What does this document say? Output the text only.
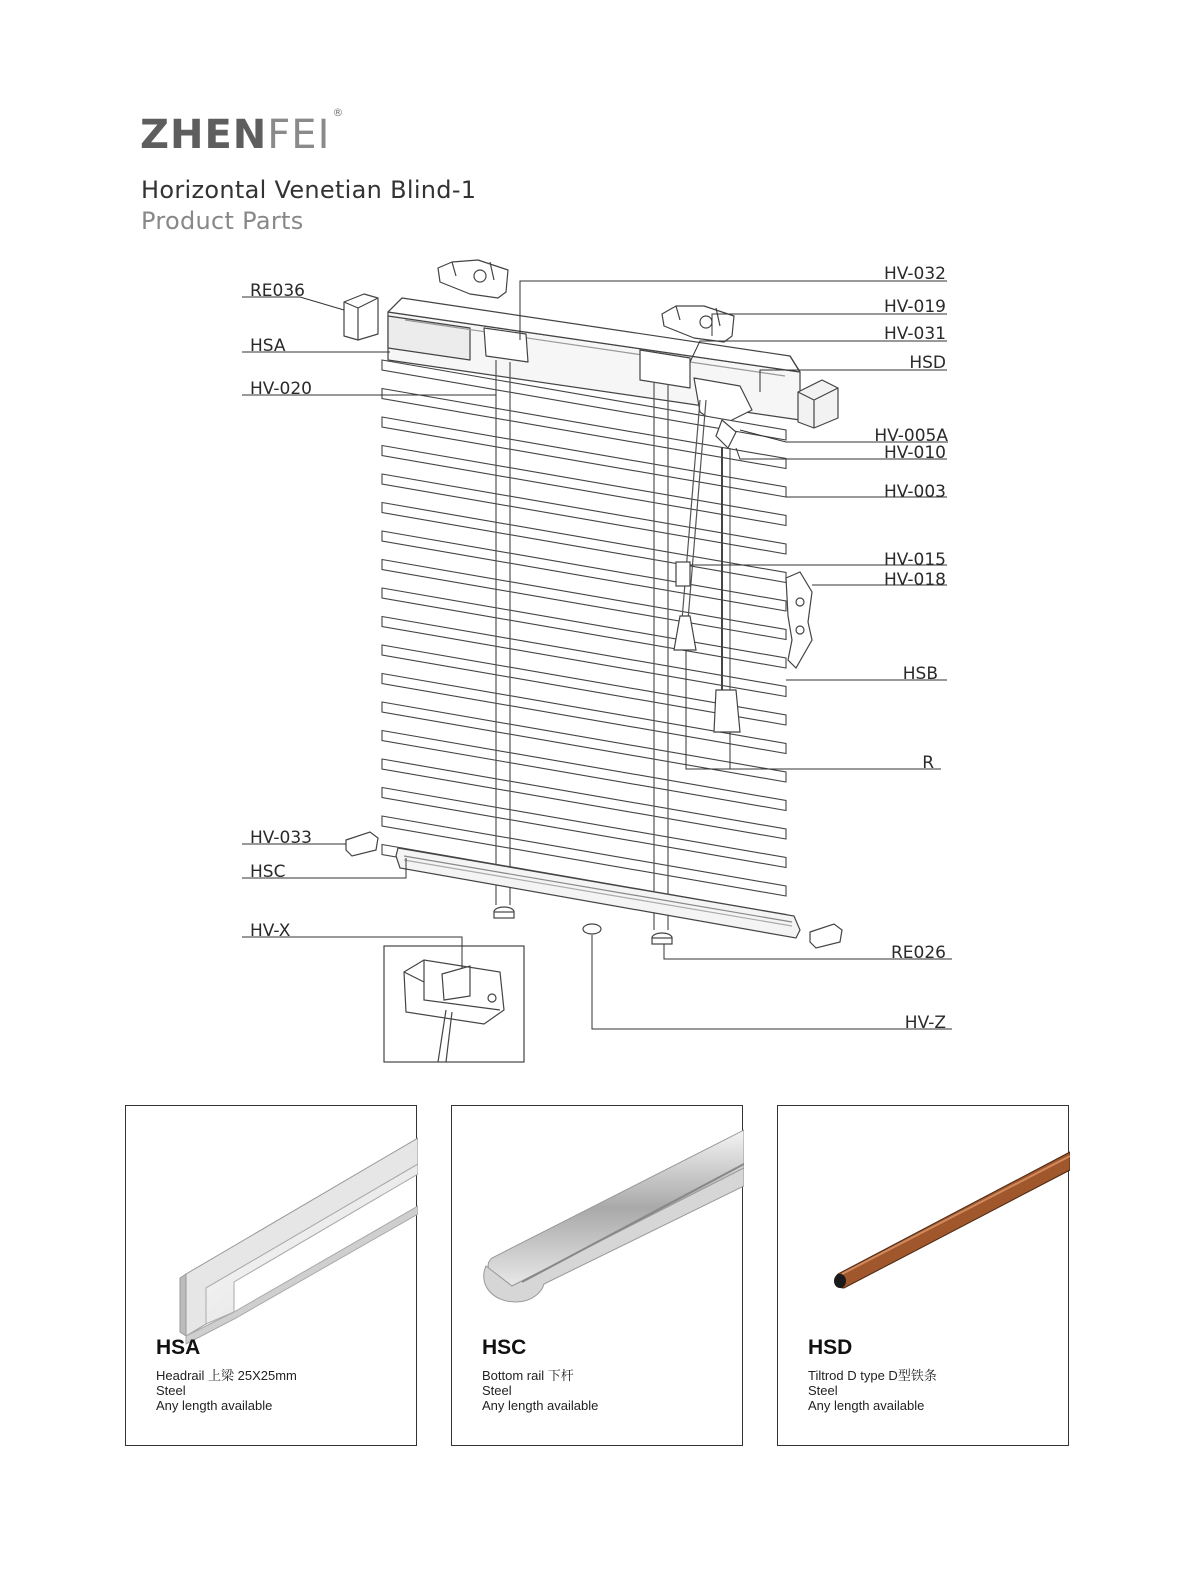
ZHENFEI ®
Horizontal Venetian Blind-1
Product Parts
HV-032
HV-019
HV-031
HSD
HV-005A
HV-010
HV-003
HV-015
HV-018
HSB
R
RE026
HV-Z
RE036
HSA
HV-020
HV-033
HSC
HV-X
HSA
Headrail 上梁 25X25mm
Steel
Any length available
HSC
Bottom rail 下杆
Steel
Any length available
HSD
Tiltrod D type D型铁条
Steel
Any length available
